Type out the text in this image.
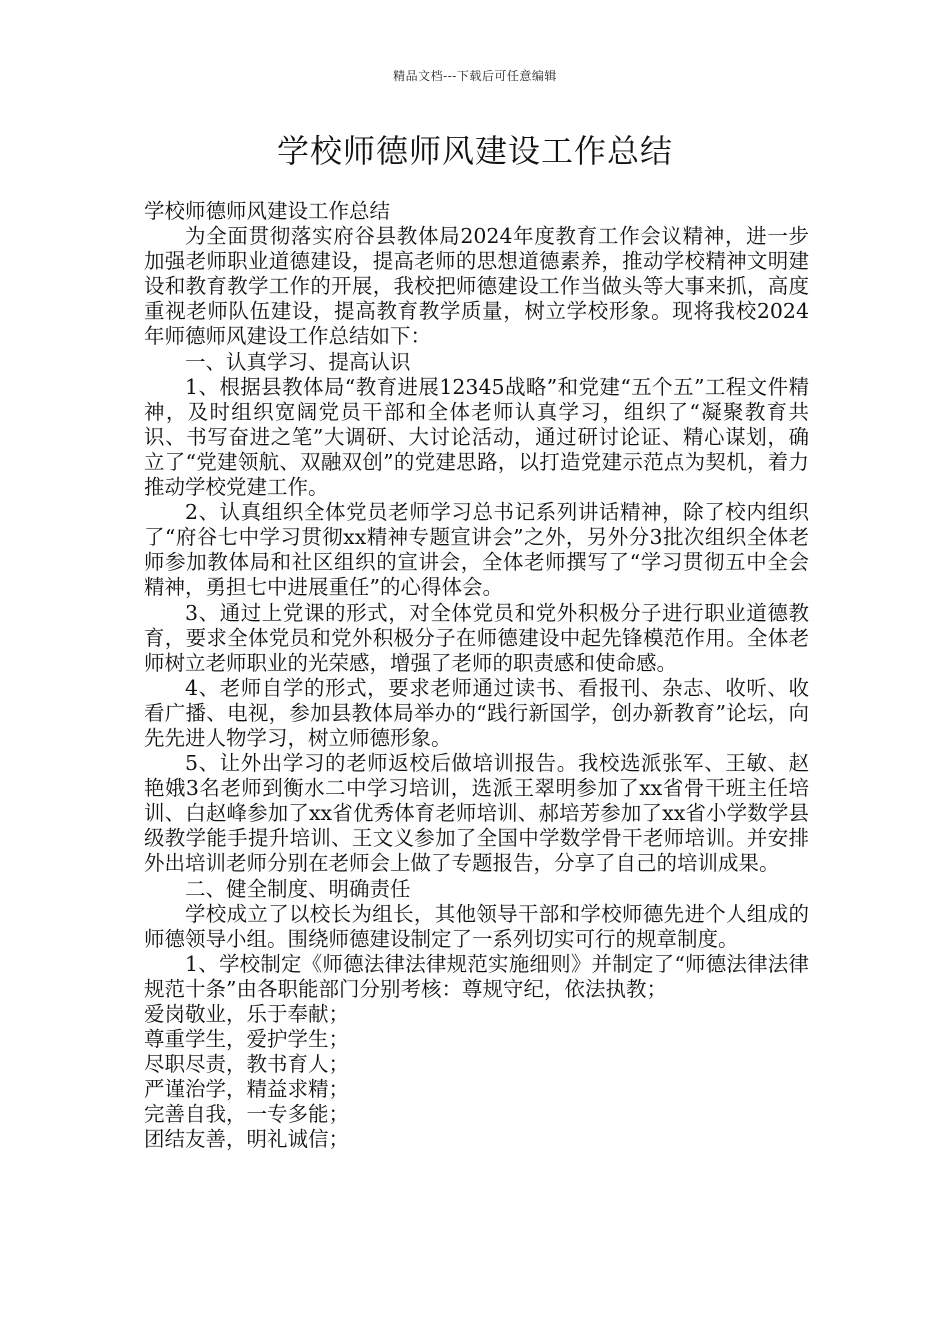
精品文档---下载后可任意编辑
学校师德师风建设工作总结

学校师德师风建设工作总结

为全面贯彻落实府谷县教体局2024年度教育工作会议精神，进一步加强老师职业道德建设，提高老师的思想道德素养，推动学校精神文明建设和教育教学工作的开展，我校把师德建设工作当做头等大事来抓，高度重视老师队伍建设，提高教育教学质量，树立学校形象。现将我校2024年师德师风建设工作总结如下：

一、认真学习、提高认识

1、根据县教体局“教育进展12345战略”和党建“五个五”工程文件精神，及时组织宽阔党员干部和全体老师认真学习，组织了“凝聚教育共识、书写奋进之笔”大调研、大讨论活动，通过研讨论证、精心谋划，确立了“党建领航、双融双创”的党建思路，以打造党建示范点为契机，着力推动学校党建工作。

2、认真组织全体党员老师学习总书记系列讲话精神，除了校内组织了“府谷七中学习贯彻xx精神专题宣讲会”之外，另外分3批次组织全体老师参加教体局和社区组织的宣讲会，全体老师撰写了“学习贯彻五中全会精神，勇担七中进展重任”的心得体会。

3、通过上党课的形式，对全体党员和党外积极分子进行职业道德教育，要求全体党员和党外积极分子在师德建设中起先锋模范作用。全体老师树立老师职业的光荣感，增强了老师的职责感和使命感。

4、老师自学的形式，要求老师通过读书、看报刊、杂志、收听、收看广播、电视，参加县教体局举办的“践行新国学，创办新教育”论坛，向先先进人物学习，树立师德形象。

5、让外出学习的老师返校后做培训报告。我校选派张军、王敏、赵艳娥3名老师到衡水二中学习培训，选派王翠明参加了xx省骨干班主任培训、白赵峰参加了xx省优秀体育老师培训、郝培芳参加了xx省小学数学县级教学能手提升培训、王文义参加了全国中学数学骨干老师培训。并安排外出培训老师分别在老师会上做了专题报告，分享了自己的培训成果。

二、健全制度、明确责任

学校成立了以校长为组长，其他领导干部和学校师德先进个人组成的师德领导小组。围绕师德建设制定了一系列切实可行的规章制度。

1、学校制定《师德法律法律规范实施细则》并制定了“师德法律法律规范十条”由各职能部门分别考核：尊规守纪，依法执教；

爱岗敬业，乐于奉献；

尊重学生，爱护学生；

尽职尽责，教书育人；

严谨治学，精益求精；

完善自我，一专多能；

团结友善，明礼诚信；
